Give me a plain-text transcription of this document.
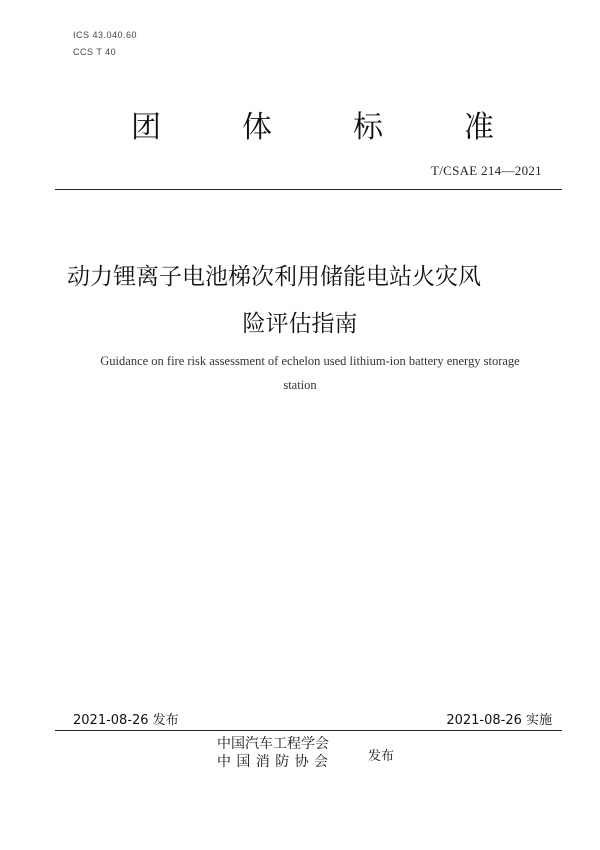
ICS 43.040.60
CCS T 40
团	体	标	准
T/CSAE 214—2021
动力锂离子电池梯次利用储能电站火灾风
险评估指南
Guidance on fire risk assessment of echelon used lithium-ion battery energy storage
station
2021-08-26 发布	2021-08-26 实施
中国汽车工程学会
中国消防协会	发布
